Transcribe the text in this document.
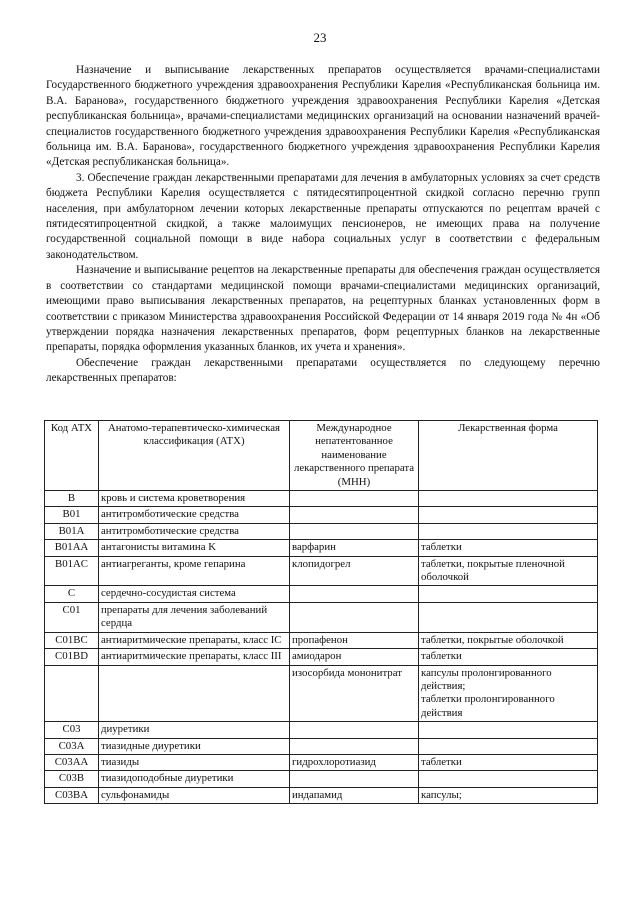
23

Назначение и выписывание лекарственных препаратов осуществляется врачами-специалистами Государственного бюджетного учреждения здравоохранения Республики Карелия «Республиканская больница им. В.А. Баранова», государственного бюджетного учреждения здравоохранения Республики Карелия «Детская республиканская больница», врачами-специалистами медицинских организаций на основании назначений врачей-специалистов государственного бюджетного учреждения здравоохранения Республики Карелия «Республиканская больница им. В.А. Баранова», государственного бюджетного учреждения здравоохранения Республики Карелия «Детская республиканская больница».

3. Обеспечение граждан лекарственными препаратами для лечения в амбулаторных условиях за счет средств бюджета Республики Карелия осуществляется с пятидесятипроцентной скидкой согласно перечню групп населения, при амбулаторном лечении которых лекарственные препараты отпускаются по рецептам врачей с пятидесятипроцентной скидкой, а также малоимущих пенсионеров, не имеющих права на получение государственной социальной помощи в виде набора социальных услуг в соответствии с федеральным законодательством.

Назначение и выписывание рецептов на лекарственные препараты для обеспечения граждан осуществляется в соответствии со стандартами медицинской помощи врачами-специалистами медицинских организаций, имеющими право выписывания лекарственных препаратов, на рецептурных бланках установленных форм в соответствии с приказом Министерства здравоохранения Российской Федерации от 14 января 2019 года № 4н «Об утверждении порядка назначения лекарственных препаратов, форм рецептурных бланков на лекарственные препараты, порядка оформления указанных бланков, их учета и хранения».

Обеспечение граждан лекарственными препаратами осуществляется по следующему перечню лекарственных препаратов:

Код АТХ	Анатомо-терапевтическо-химическая классификация (АТХ)	Международное непатентованное наименование лекарственного препарата (МНН)	Лекарственная форма
B	кровь и система кроветворения		
B01	антитромботические средства		
B01A	антитромботические средства		
B01AA	антагонисты витамина K	варфарин	таблетки
B01AC	антиагреганты, кроме гепарина	клопидогрел	таблетки, покрытые пленочной оболочкой
C	сердечно-сосудистая система		
C01	препараты для лечения заболеваний сердца		
C01BC	антиаритмические препараты, класс IC	пропафенон	таблетки, покрытые оболочкой
C01BD	антиаритмические препараты, класс III	амиодарон	таблетки
		изосорбида мононитрат	капсулы пролонгированного действия;
таблетки пролонгированного действия
C03	диуретики		
C03A	тиазидные диуретики		
C03AA	тиазиды	гидрохлоротиазид	таблетки
C03B	тиазидоподобные диуретики		
C03BA	сульфонамиды	индапамид	капсулы;
